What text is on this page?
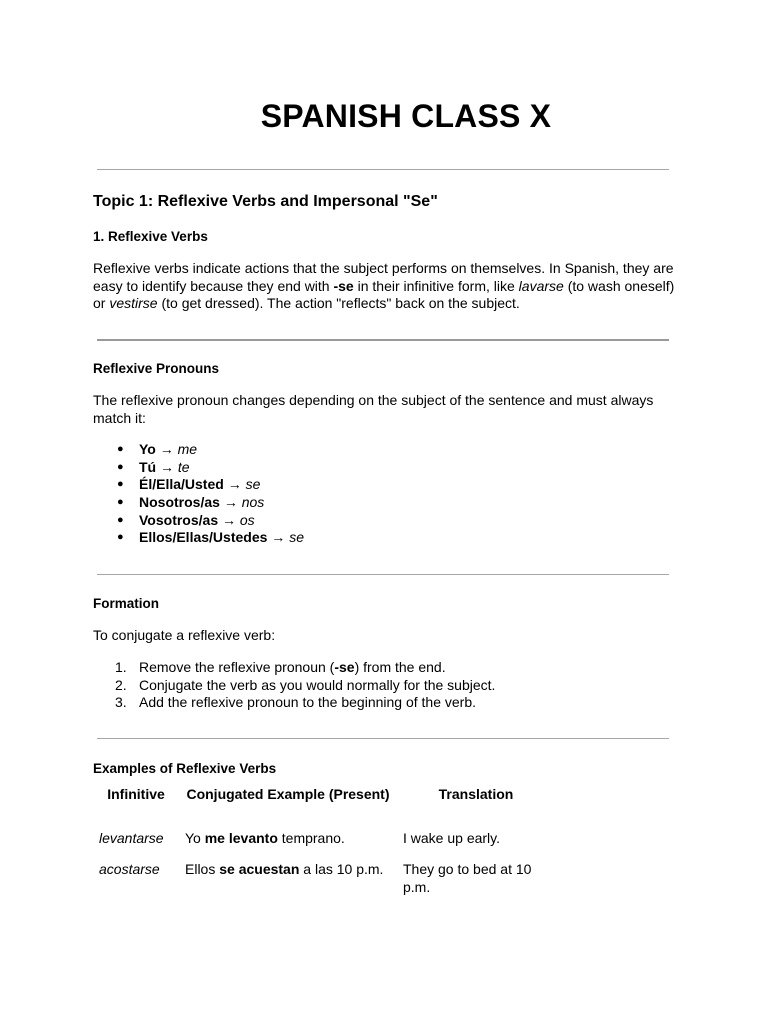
SPANISH CLASS X
Topic 1: Reflexive Verbs and Impersonal "Se"
1. Reflexive Verbs

Reflexive verbs indicate actions that the subject performs on themselves. In Spanish, they are easy to identify because they end with -se in their infinitive form, like lavarse (to wash oneself) or vestirse (to get dressed). The action "reflects" back on the subject.

Reflexive Pronouns

The reflexive pronoun changes depending on the subject of the sentence and must always match it:

● Yo → me
● Tú → te
● Él/Ella/Usted → se
● Nosotros/as → nos
● Vosotros/as → os
● Ellos/Ellas/Ustedes → se
Formation

To conjugate a reflexive verb:

1. Remove the reflexive pronoun (-se) from the end.
2. Conjugate the verb as you would normally for the subject.
3. Add the reflexive pronoun to the beginning of the verb.
Examples of Reflexive Verbs
Infinitive	Conjugated Example (Present)	Translation
levantarse	Yo me levanto temprano.	I wake up early.
acostarse	Ellos se acuestan a las 10 p.m.	They go to bed at 10 p.m.
